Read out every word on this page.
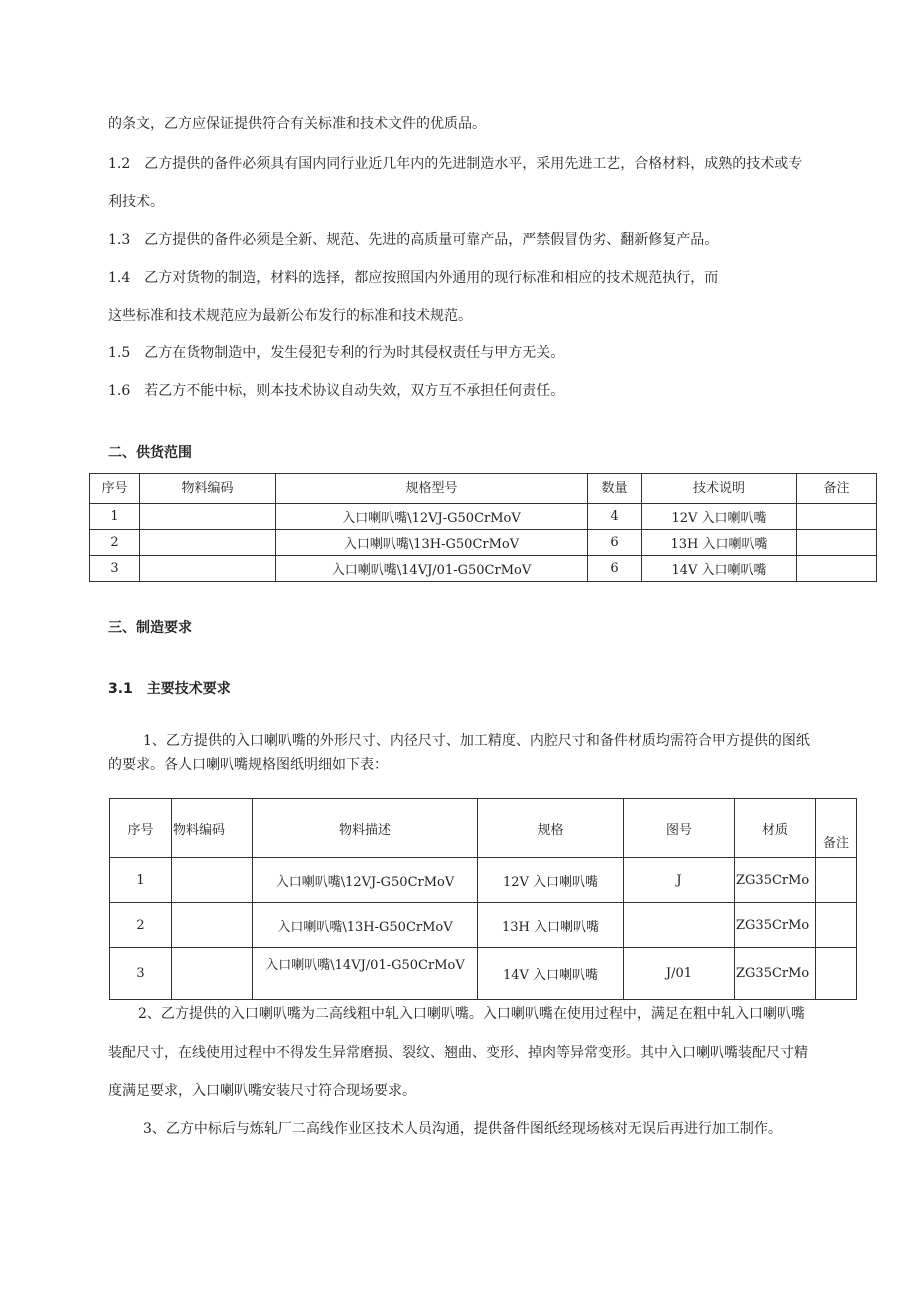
的条文，乙方应保证提供符合有关标准和技术文件的优质品。
1.2　乙方提供的备件必须具有国内同行业近几年内的先进制造水平，采用先进工艺，合格材料，成熟的技术或专
利技术。
1.3　乙方提供的备件必须是全新、规范、先进的高质量可靠产品，严禁假冒伪劣、翻新修复产品。
1.4　乙方对货物的制造，材料的选择，都应按照国内外通用的现行标准和相应的技术规范执行，而
这些标准和技术规范应为最新公布发行的标准和技术规范。
1.5　乙方在货物制造中，发生侵犯专利的行为时其侵权责任与甲方无关。
1.6　若乙方不能中标，则本技术协议自动失效，双方互不承担任何责任。
二、供货范围
序号	物料编码	规格型号	数量	技术说明	备注
1		入口喇叭嘴\12VJ-G50CrMoV	4	12V 入口喇叭嘴	
2		入口喇叭嘴\13H-G50CrMoV	6	13H 入口喇叭嘴	
3		入口喇叭嘴\14VJ/01-G50CrMoV	6	14V 入口喇叭嘴	
三、制造要求
3.1　主要技术要求
1、乙方提供的入口喇叭嘴的外形尺寸、内径尺寸、加工精度、内腔尺寸和备件材质均需符合甲方提供的图纸
的要求。各人口喇叭嘴规格图纸明细如下表：
序号	物料编码	物料描述	规格	图号	材质	备注
1		入口喇叭嘴\12VJ-G50CrMoV	12V 入口喇叭嘴	J	ZG35CrMo	
2		入口喇叭嘴\13H-G50CrMoV	13H 入口喇叭嘴		ZG35CrMo	
3		入口喇叭嘴\14VJ/01-G50CrMoV	14V 入口喇叭嘴	J/01	ZG35CrMo	
2、乙方提供的入口喇叭嘴为二高线粗中轧入口喇叭嘴。入口喇叭嘴在使用过程中，满足在粗中轧入口喇叭嘴
装配尺寸，在线使用过程中不得发生异常磨损、裂纹、翘曲、变形、掉肉等异常变形。其中入口喇叭嘴装配尺寸精
度满足要求，入口喇叭嘴安装尺寸符合现场要求。
3、乙方中标后与炼轧厂二高线作业区技术人员沟通，提供备件图纸经现场核对无误后再进行加工制作。
